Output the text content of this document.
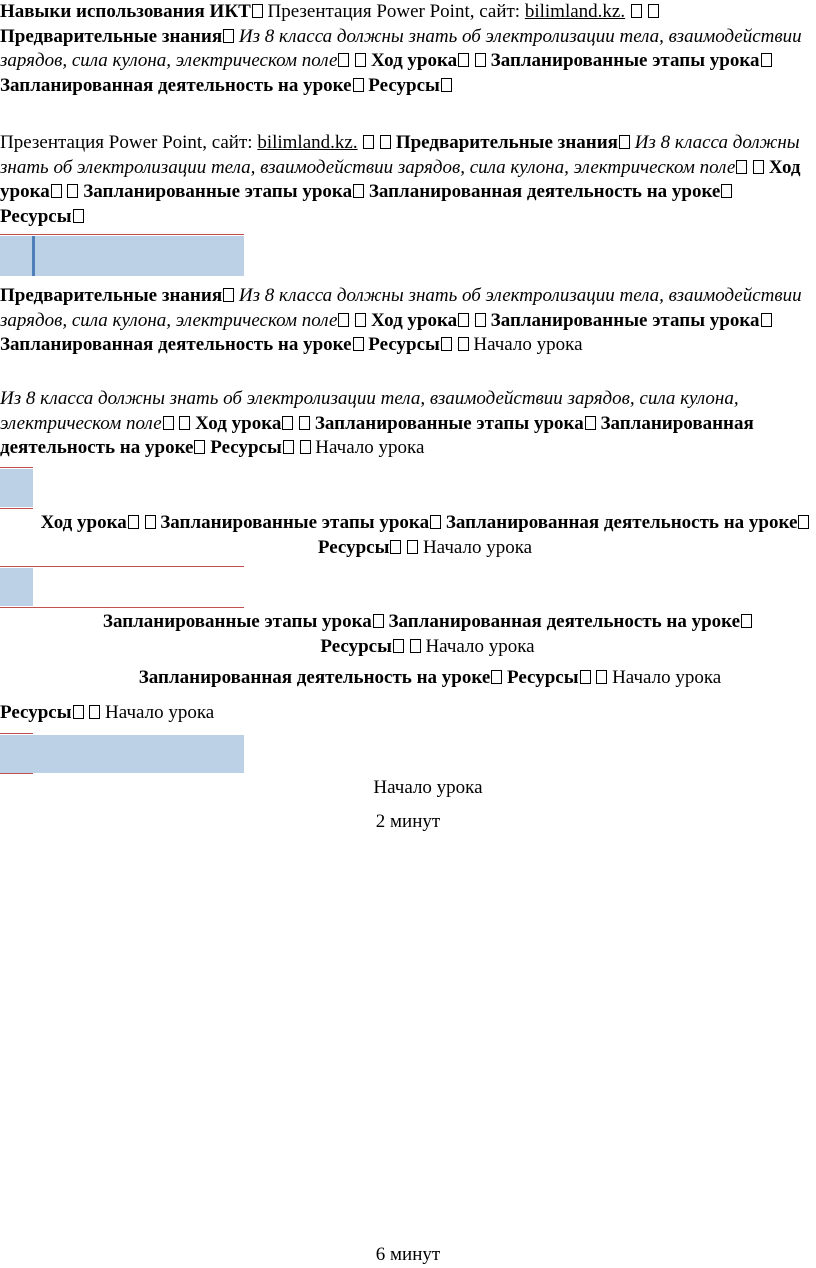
Навыки использования ИКТ Презентация Power Point, сайт: bilimland.kz.   Предварительные знания Из 8 класса должны знать об электролизации тела, взаимодействии зарядов, сила кулона, электрическом поле Ход урока Запланированные этапы урока Запланированная деятельность на уроке Ресурсы

Презентация Power Point, сайт: bilimland.kz. Предварительные знания Из 8 класса должны знать об электролизации тела, взаимодействии зарядов, сила кулона, электрическом поле Ход урока Запланированные этапы урока Запланированная деятельность на уроке Ресурсы

Предварительные знания Из 8 класса должны знать об электролизации тела, взаимодействии зарядов, сила кулона, электрическом поле Ход урока Запланированные этапы урока Запланированная деятельность на уроке Ресурсы  Начало урока

Из 8 класса должны знать об электролизации тела, взаимодействии зарядов, сила кулона, электрическом поле Ход урока Запланированные этапы урока Запланированная деятельность на уроке Ресурсы  Начало урока

Ход урока Запланированные этапы урока Запланированная деятельность на уроке Ресурсы  Начало урока

Запланированные этапы урока Запланированная деятельность на уроке Ресурсы  Начало урока

Запланированная деятельность на уроке Ресурсы  Начало урока

Ресурсы  Начало урока

Начало урока

2 минут

6 минут
